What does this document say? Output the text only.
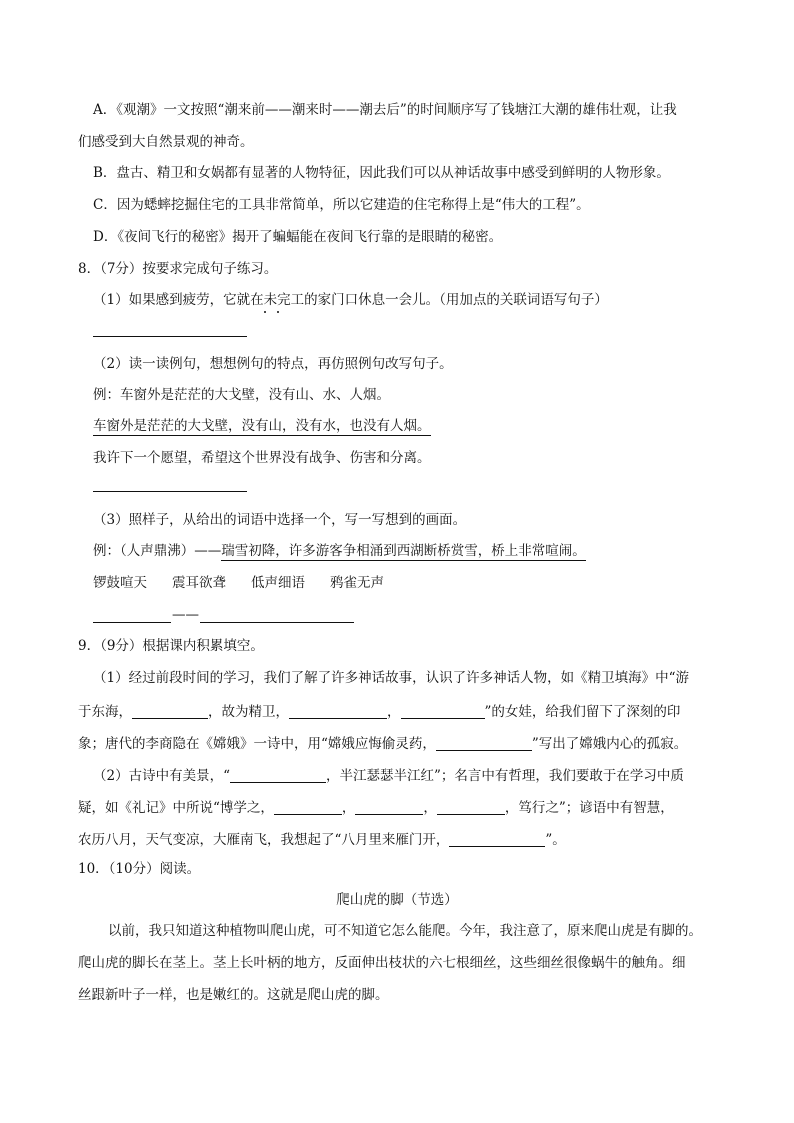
A．《观潮》一文按照“潮来前——潮来时——潮去后”的时间顺序写了钱塘江大潮的雄伟壮观，让我
们感受到大自然景观的神奇。
B．盘古、精卫和女娲都有显著的人物特征，因此我们可以从神话故事中感受到鲜明的人物形象。
C．因为蟋蟀挖掘住宅的工具非常简单，所以它建造的住宅称得上是“伟大的工程”。
D．《夜间飞行的秘密》揭开了蝙蝠能在夜间飞行靠的是眼睛的秘密。
8．（7分）按要求完成句子练习。
（1）如果感到疲劳，它就在未完工的家门口休息一会儿。（用加点的关联词语写句子）
（2）读一读例句，想想例句的特点，再仿照例句改写句子。
例：车窗外是茫茫的大戈壁，没有山、水、人烟。
车窗外是茫茫的大戈壁，没有山，没有水，也没有人烟。
我许下一个愿望，希望这个世界没有战争、伤害和分离。
（3）照样子，从给出的词语中选择一个，写一写想到的画面。
例：（人声鼎沸）——瑞雪初降，许多游客争相涌到西湖断桥赏雪，桥上非常喧闹。
锣鼓喧天 震耳欲聋 低声细语 鸦雀无声
——
9．（9分）根据课内积累填空。
（1）经过前段时间的学习，我们了解了许多神话故事，认识了许多神话人物，如《精卫填海》中“游
于东海，	，故为精卫，	，	”的女娃，给我们留下了深刻的印
象；唐代的李商隐在《嫦娥》一诗中，用“嫦娥应悔偷灵药，	”写出了嫦娥内心的孤寂。
（2）古诗中有美景，“	，半江瑟瑟半江红”；名言中有哲理，我们要敢于在学习中质
疑，如《礼记》中所说“博学之，	，	，	，笃行之”；谚语中有智慧，
农历八月，天气变凉，大雁南飞，我想起了“八月里来雁门开，	”。
10．（10分）阅读。
爬山虎的脚（节选）
以前，我只知道这种植物叫爬山虎，可不知道它怎么能爬。今年，我注意了，原来爬山虎是有脚的。
爬山虎的脚长在茎上。茎上长叶柄的地方，反面伸出枝状的六七根细丝，这些细丝很像蜗牛的触角。细
丝跟新叶子一样，也是嫩红的。这就是爬山虎的脚。
